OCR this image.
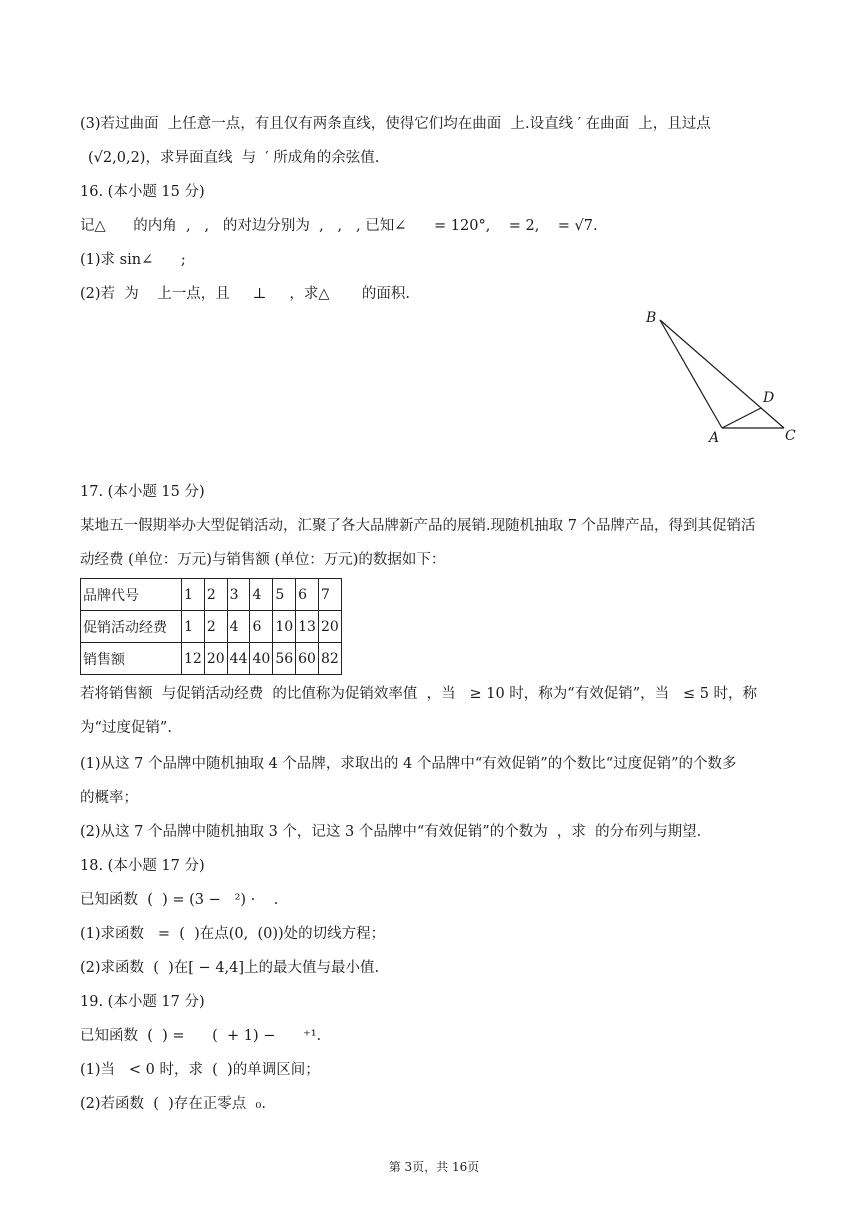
(3)若过曲面  上任意一点，有且仅有两条直线，使得它们均在曲面  上.设直线 ′ 在曲面  上，且过点
(√2,0,2)，求异面直线  与  ′ 所成角的余弦值.
16. (本小题 15 分)
记△      的内角  ,   ,   的对边分别为  ,   ,   , 已知∠      = 120°,    = 2,    = √7.
(1)求 sin∠      ;
(2)若  为    上一点，且     ⊥     ，求△       的面积.
B
D
A	C
17. (本小题 15 分)
某地五一假期举办大型促销活动，汇聚了各大品牌新产品的展销.现随机抽取 7 个品牌产品，得到其促销活
动经费 (单位：万元)与销售额 (单位：万元)的数据如下：
品牌代号	1	2	3	4	5	6	7
促销活动经费	1	2	4	6	10	13	20
销售额	12	20	44	40	56	60	82
若将销售额  与促销活动经费  的比值称为促销效率值  ，当   ≥ 10 时，称为“有效促销”，当   ≤ 5 时，称
为“过度促销”.
(1)从这 7 个品牌中随机抽取 4 个品牌，求取出的 4 个品牌中“有效促销”的个数比“过度促销”的个数多
的概率；
(2)从这 7 个品牌中随机抽取 3 个，记这 3 个品牌中“有效促销”的个数为  ，求  的分布列与期望.
18. (本小题 17 分)
已知函数  (  ) = (3 −   ²) ·    .
(1)求函数   =  (  )在点(0,  (0))处的切线方程；
(2)求函数  (  )在[ − 4,4]上的最大值与最小值.
19. (本小题 17 分)
已知函数  (  ) =      (  + 1) −      ⁺¹.
(1)当   < 0 时，求  (  )的单调区间；
(2)若函数  (  )存在正零点  ₀.
第 3页，共 16页
